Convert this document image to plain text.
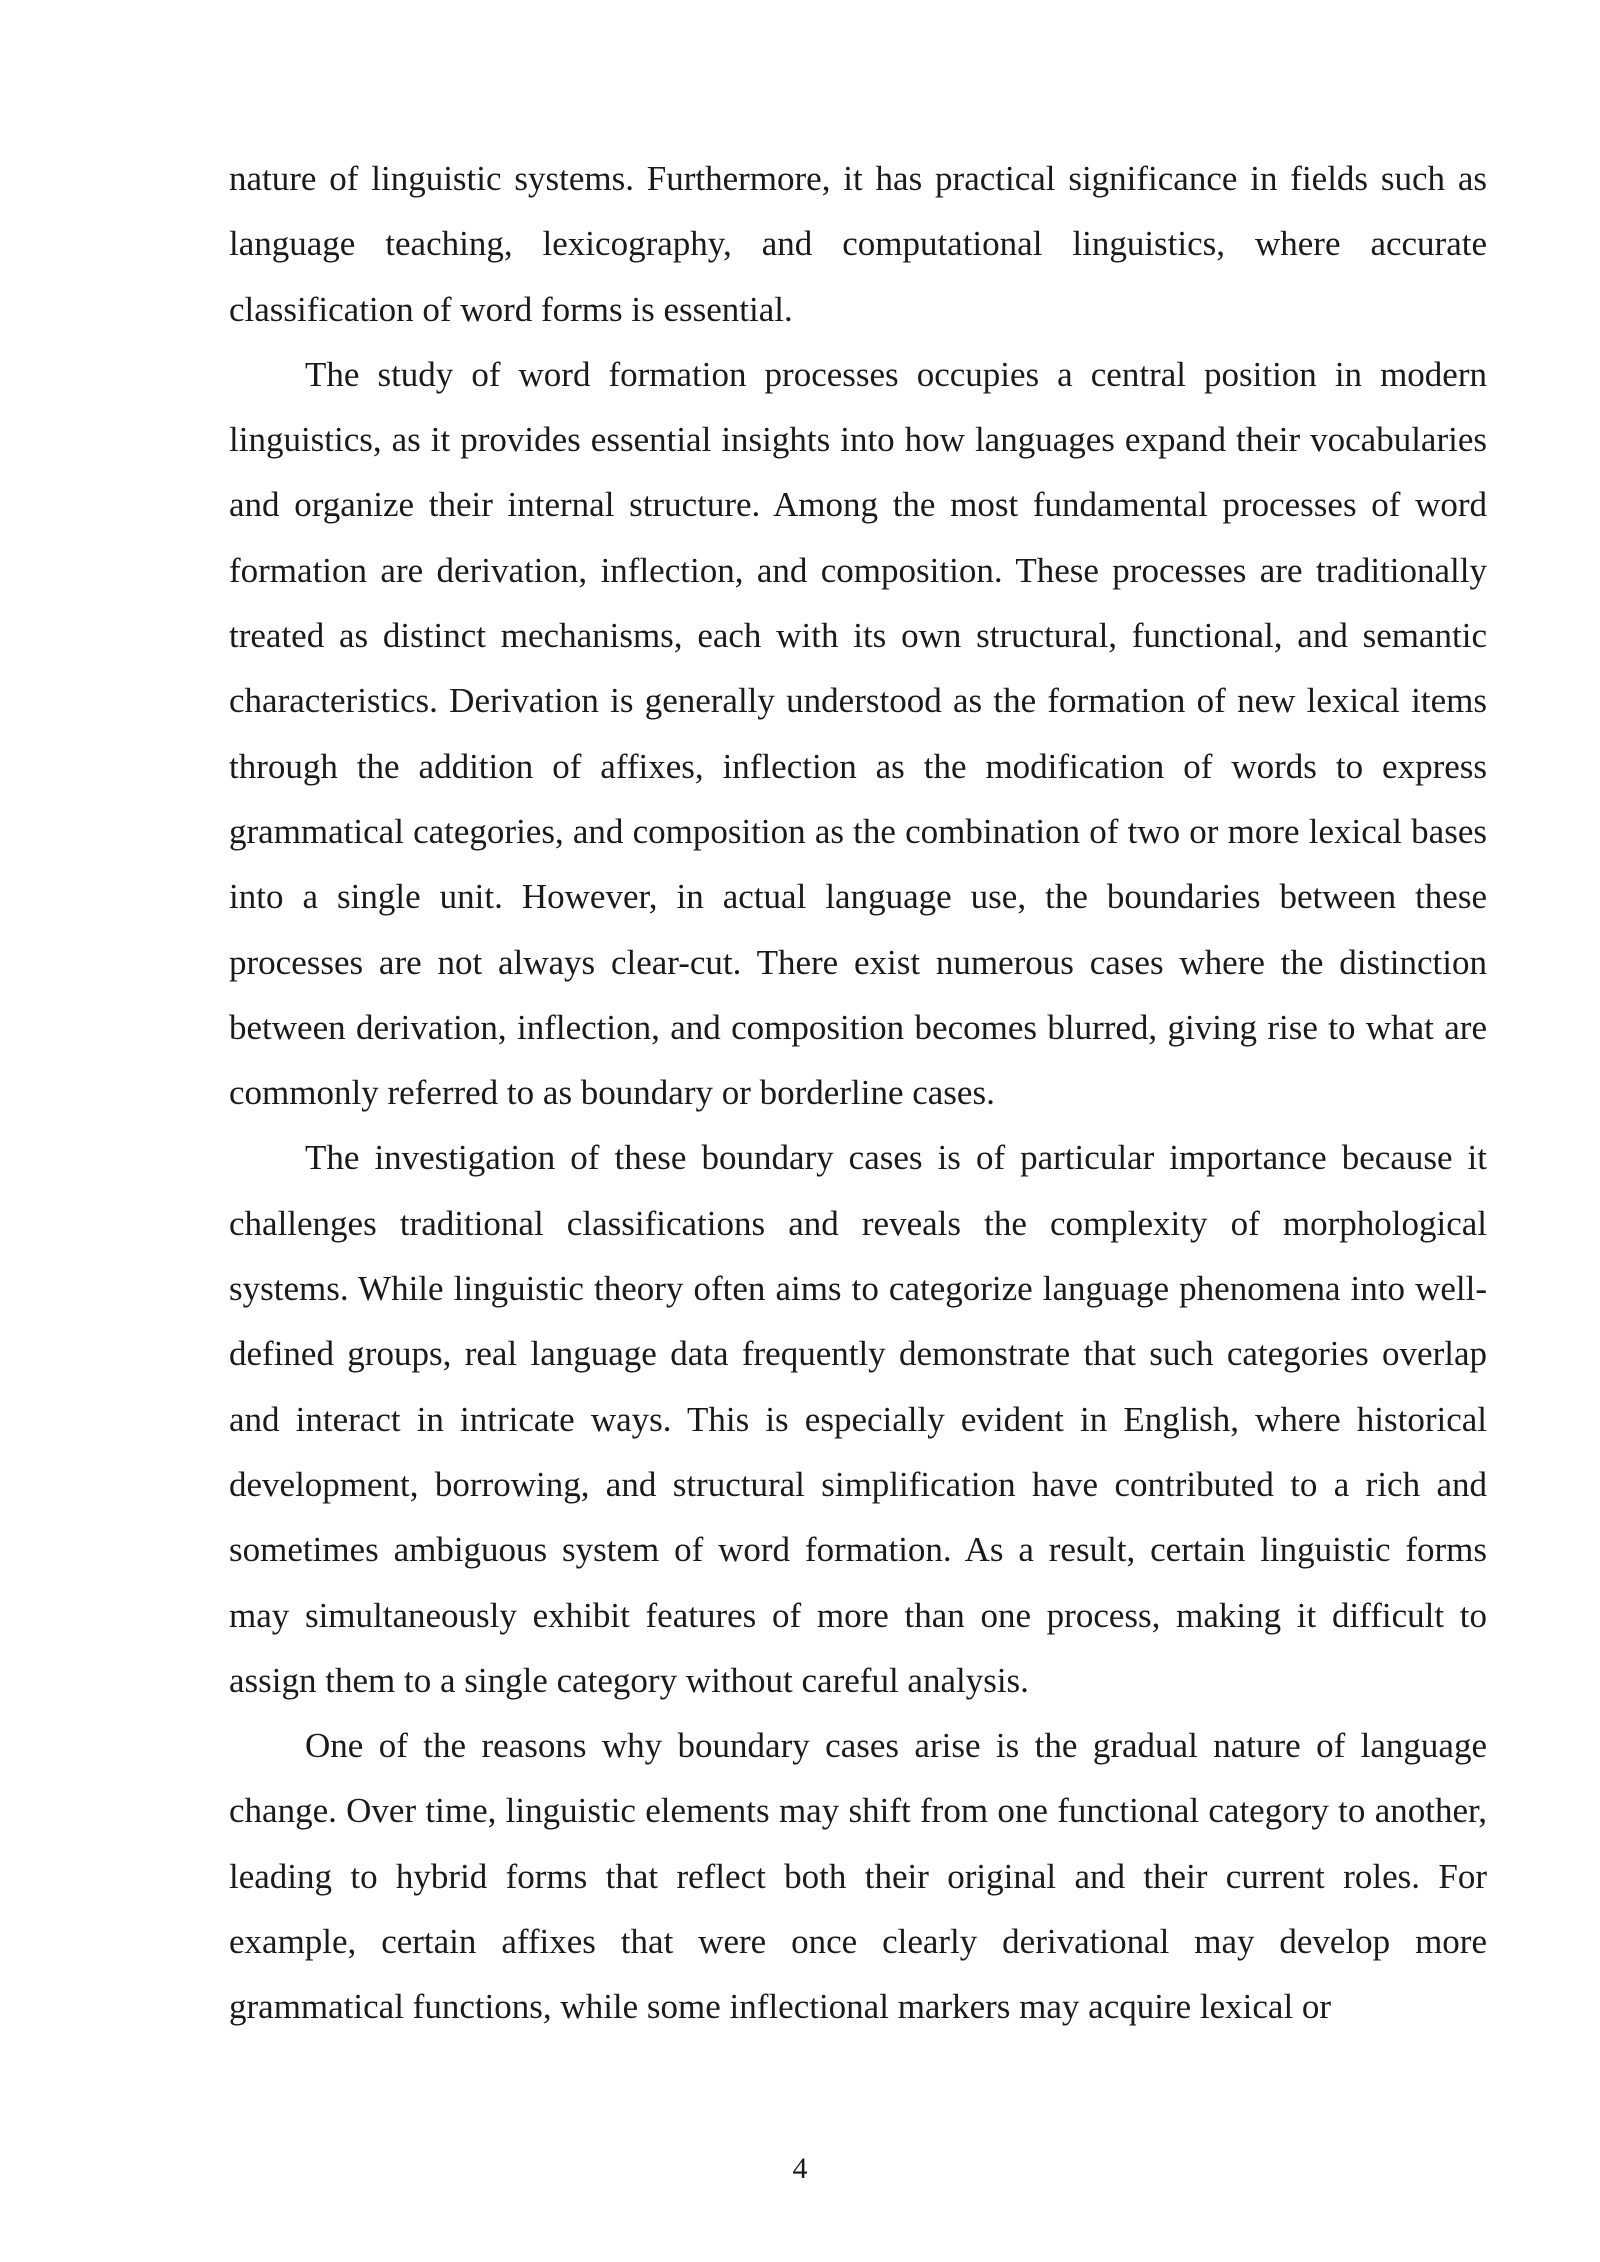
nature of linguistic systems. Furthermore, it has practical significance in fields such as language teaching, lexicography, and computational linguistics, where accurate classification of word forms is essential.

The study of word formation processes occupies a central position in modern linguistics, as it provides essential insights into how languages expand their vocabularies and organize their internal structure. Among the most fundamental processes of word formation are derivation, inflection, and composition. These processes are traditionally treated as distinct mechanisms, each with its own structural, functional, and semantic characteristics. Derivation is generally understood as the formation of new lexical items through the addition of affixes, inflection as the modification of words to express grammatical categories, and composition as the combination of two or more lexical bases into a single unit. However, in actual language use, the boundaries between these processes are not always clear-cut. There exist numerous cases where the distinction between derivation, inflection, and composition becomes blurred, giving rise to what are commonly referred to as boundary or borderline cases.

The investigation of these boundary cases is of particular importance because it challenges traditional classifications and reveals the complexity of morphological systems. While linguistic theory often aims to categorize language phenomena into well-defined groups, real language data frequently demonstrate that such categories overlap and interact in intricate ways. This is especially evident in English, where historical development, borrowing, and structural simplification have contributed to a rich and sometimes ambiguous system of word formation. As a result, certain linguistic forms may simultaneously exhibit features of more than one process, making it difficult to assign them to a single category without careful analysis.

One of the reasons why boundary cases arise is the gradual nature of language change. Over time, linguistic elements may shift from one functional category to another, leading to hybrid forms that reflect both their original and their current roles. For example, certain affixes that were once clearly derivational may develop more grammatical functions, while some inflectional markers may acquire lexical or

4
